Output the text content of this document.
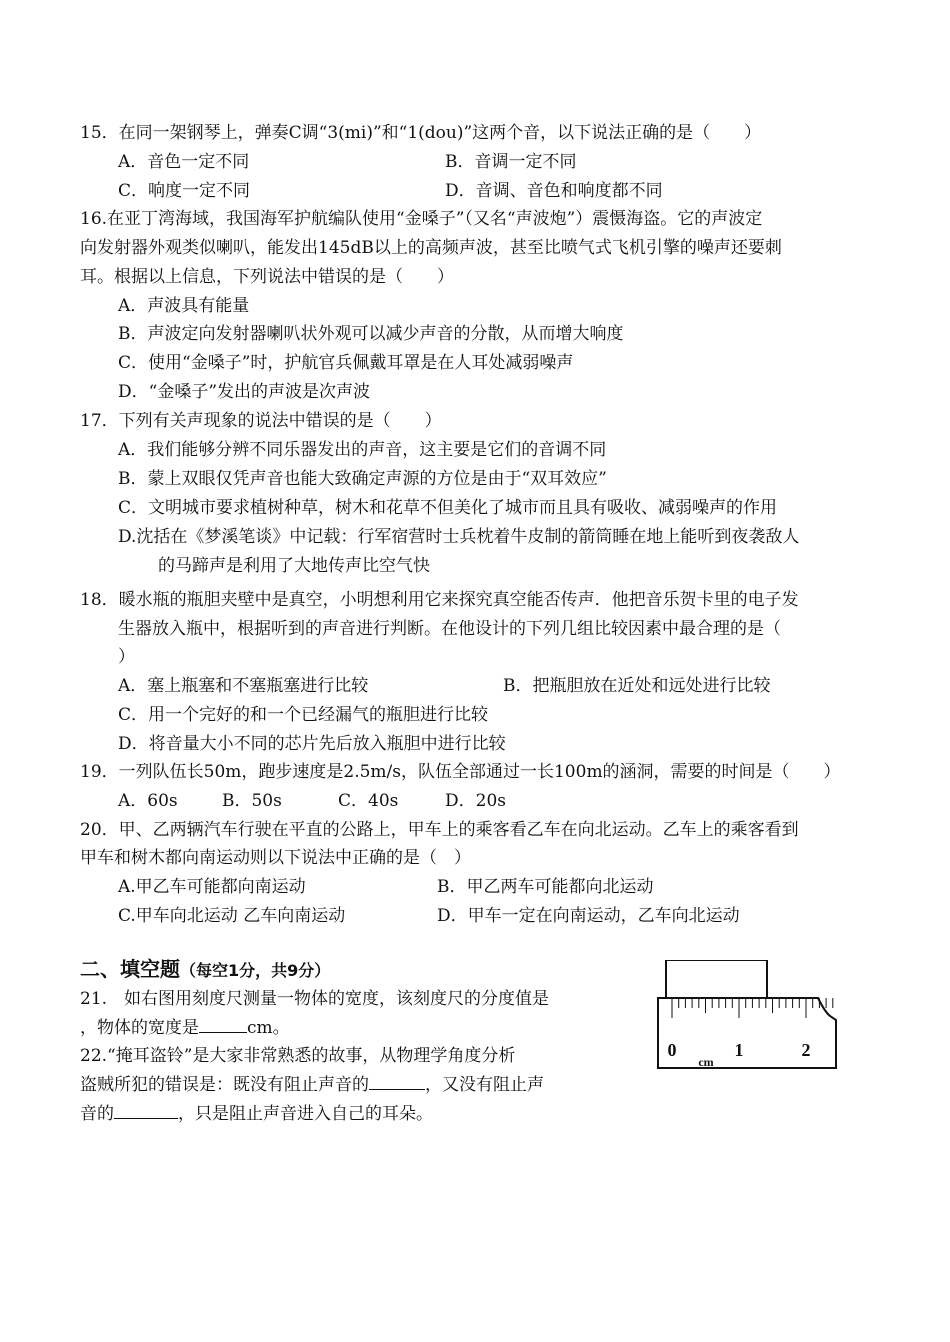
15．在同一架钢琴上，弹奏C调“3(mi)”和“1(dou)”这两个音，以下说法正确的是（　　）
A．音色一定不同	B．音调一定不同
C．响度一定不同	D．音调、音色和响度都不同
16.在亚丁湾海域，我国海军护航编队使用“金嗓子”（又名“声波炮”）震慑海盗。它的声波定
向发射器外观类似喇叭，能发出145dB以上的高频声波，甚至比喷气式飞机引擎的噪声还要刺
耳。根据以上信息，下列说法中错误的是（　　）
A．声波具有能量
B．声波定向发射器喇叭状外观可以减少声音的分散，从而增大响度
C．使用“金嗓子”时，护航官兵佩戴耳罩是在人耳处减弱噪声
D．“金嗓子”发出的声波是次声波
17．下列有关声现象的说法中错误的是（　　）
A．我们能够分辨不同乐器发出的声音，这主要是它们的音调不同
B．蒙上双眼仅凭声音也能大致确定声源的方位是由于“双耳效应”
C．文明城市要求植树种草，树木和花草不但美化了城市而且具有吸收、减弱噪声的作用
D.沈括在《梦溪笔谈》中记载：行军宿营时士兵枕着牛皮制的箭筒睡在地上能听到夜袭敌人
的马蹄声是利用了大地传声比空气快
18．暖水瓶的瓶胆夹壁中是真空，小明想利用它来探究真空能否传声．他把音乐贺卡里的电子发
生器放入瓶中，根据听到的声音进行判断。在他设计的下列几组比较因素中最合理的是（
）
A．塞上瓶塞和不塞瓶塞进行比较	B．把瓶胆放在近处和远处进行比较
C．用一个完好的和一个已经漏气的瓶胆进行比较
D．将音量大小不同的芯片先后放入瓶胆中进行比较
19．一列队伍长50m，跑步速度是2.5m/s，队伍全部通过一长100m的涵洞，需要的时间是（　　）
A．60s	B．50s	C．40s	D．20s
20．甲、乙两辆汽车行驶在平直的公路上，甲车上的乘客看乙车在向北运动。乙车上的乘客看到
甲车和树木都向南运动则以下说法中正确的是（　）
A.甲乙车可能都向南运动	B．甲乙两车可能都向北运动
C.甲车向北运动 乙车向南运动	D．甲车一定在向南运动，乙车向北运动
二、填空题（每空1分，共9分）
21.　如右图用刻度尺测量一物体的宽度，该刻度尺的分度值是
，物体的宽度是	cm。
22.“掩耳盗铃”是大家非常熟悉的故事，从物理学角度分析
盗贼所犯的错误是：既没有阻止声音的	，又没有阻止声
音的	，只是阻止声音进入自己的耳朵。
0	1	2
cm
